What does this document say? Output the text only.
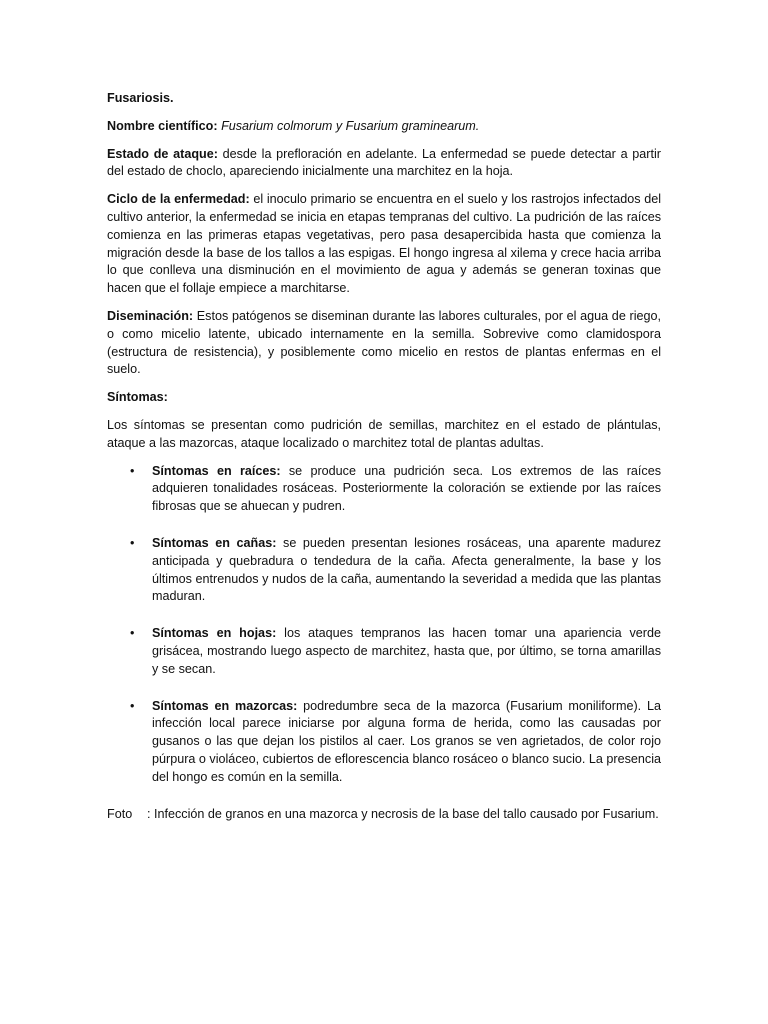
Fusariosis.

Nombre científico: Fusarium colmorum y Fusarium graminearum.

Estado de ataque: desde la prefloración en adelante. La enfermedad se puede detectar a partir del estado de choclo, apareciendo inicialmente una marchitez en la hoja.

Ciclo de la enfermedad: el inoculo primario se encuentra en el suelo y los rastrojos infectados del cultivo anterior, la enfermedad se inicia en etapas tempranas del cultivo. La pudrición de las raíces comienza en las primeras etapas vegetativas, pero pasa desapercibida hasta que comienza la migración desde la base de los tallos a las espigas. El hongo ingresa al xilema y crece hacia arriba lo que conlleva una disminución en el movimiento de agua y además se generan toxinas que hacen que el follaje empiece a marchitarse.

Diseminación: Estos patógenos se diseminan durante las labores culturales, por el agua de riego, o como micelio latente, ubicado internamente en la semilla. Sobrevive como clamidospora (estructura de resistencia), y posiblemente como micelio en restos de plantas enfermas en el suelo.

Síntomas:

Los síntomas se presentan como pudrición de semillas, marchitez en el estado de plántulas, ataque a las mazorcas, ataque localizado o marchitez total de plantas adultas.

• Síntomas en raíces: se produce una pudrición seca. Los extremos de las raíces adquieren tonalidades rosáceas. Posteriormente la coloración se extiende por las raíces fibrosas que se ahuecan y pudren.
• Síntomas en cañas: se pueden presentan lesiones rosáceas, una aparente madurez anticipada y quebradura o tendedura de la caña. Afecta generalmente, la base y los últimos entrenudos y nudos de la caña, aumentando la severidad a medida que las plantas maduran.
• Síntomas en hojas: los ataques tempranos las hacen tomar una apariencia verde grisácea, mostrando luego aspecto de marchitez, hasta que, por último, se torna amarillas y se secan.
• Síntomas en mazorcas: podredumbre seca de la mazorca (Fusarium moniliforme). La infección local parece iniciarse por alguna forma de herida, como las causadas por gusanos o las que dejan los pistilos al caer. Los granos se ven agrietados, de color rojo púrpura o violáceo, cubiertos de eflorescencia blanco rosáceo o blanco sucio. La presencia del hongo es común en la semilla.

Foto : Infección de granos en una mazorca y necrosis de la base del tallo causado por Fusarium.
